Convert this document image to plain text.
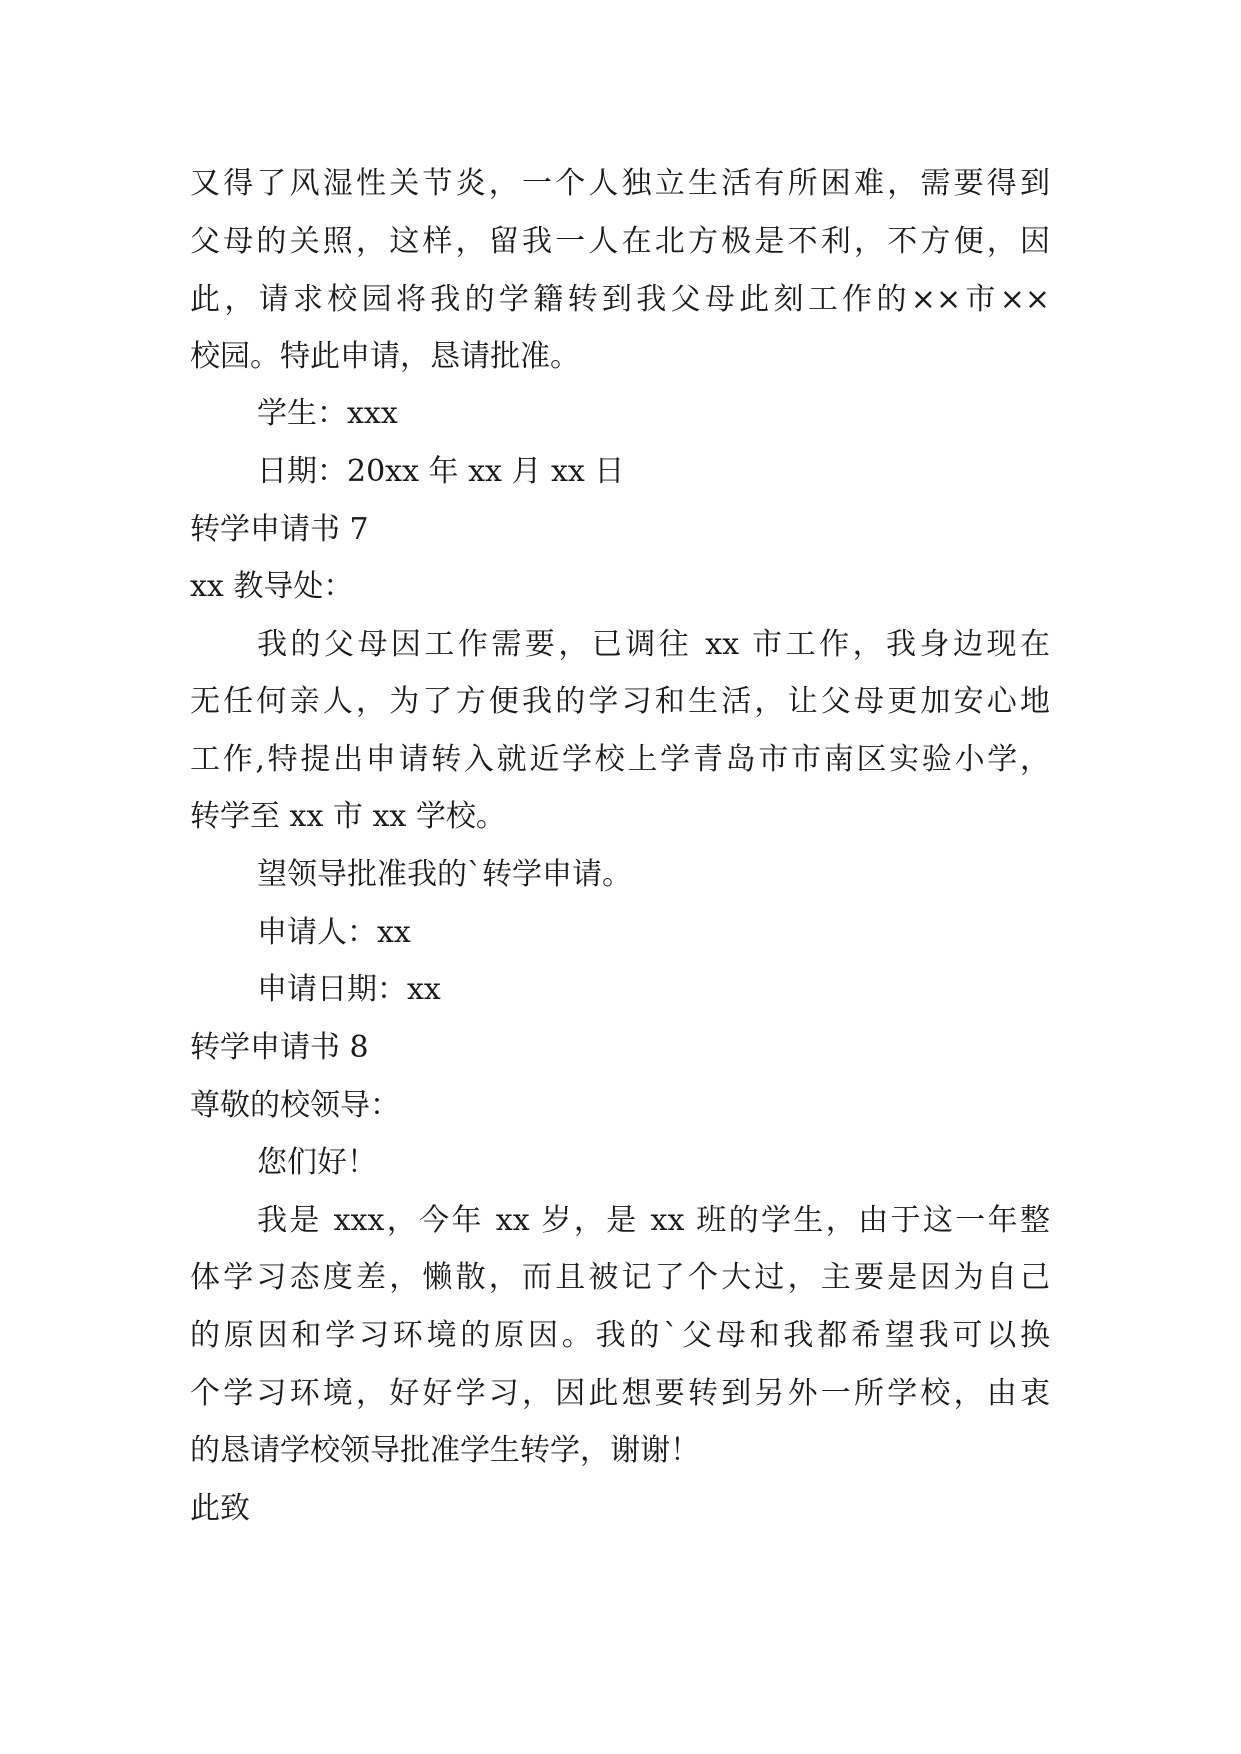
又得了风湿性关节炎，一个人独立生活有所困难，需要得到
父母的关照，这样，留我一人在北方极是不利，不方便，因
此，请求校园将我的学籍转到我父母此刻工作的××市××
校园。特此申请，恳请批准。
学生：xxx
日期：20xx 年 xx 月 xx 日
转学申请书 7
xx 教导处：
我的父母因工作需要，已调往 xx 市工作，我身边现在
无任何亲人，为了方便我的学习和生活，让父母更加安心地
工作,特提出申请转入就近学校上学青岛市市南区实验小学，
转学至 xx 市 xx 学校。
望领导批准我的`转学申请。
申请人：xx
申请日期：xx
转学申请书 8
尊敬的校领导：
您们好！
我是 xxx，今年 xx 岁，是 xx 班的学生，由于这一年整
体学习态度差，懒散，而且被记了个大过，主要是因为自己
的原因和学习环境的原因。我的`父母和我都希望我可以换
个学习环境，好好学习，因此想要转到另外一所学校，由衷
的恳请学校领导批准学生转学，谢谢！
此致
